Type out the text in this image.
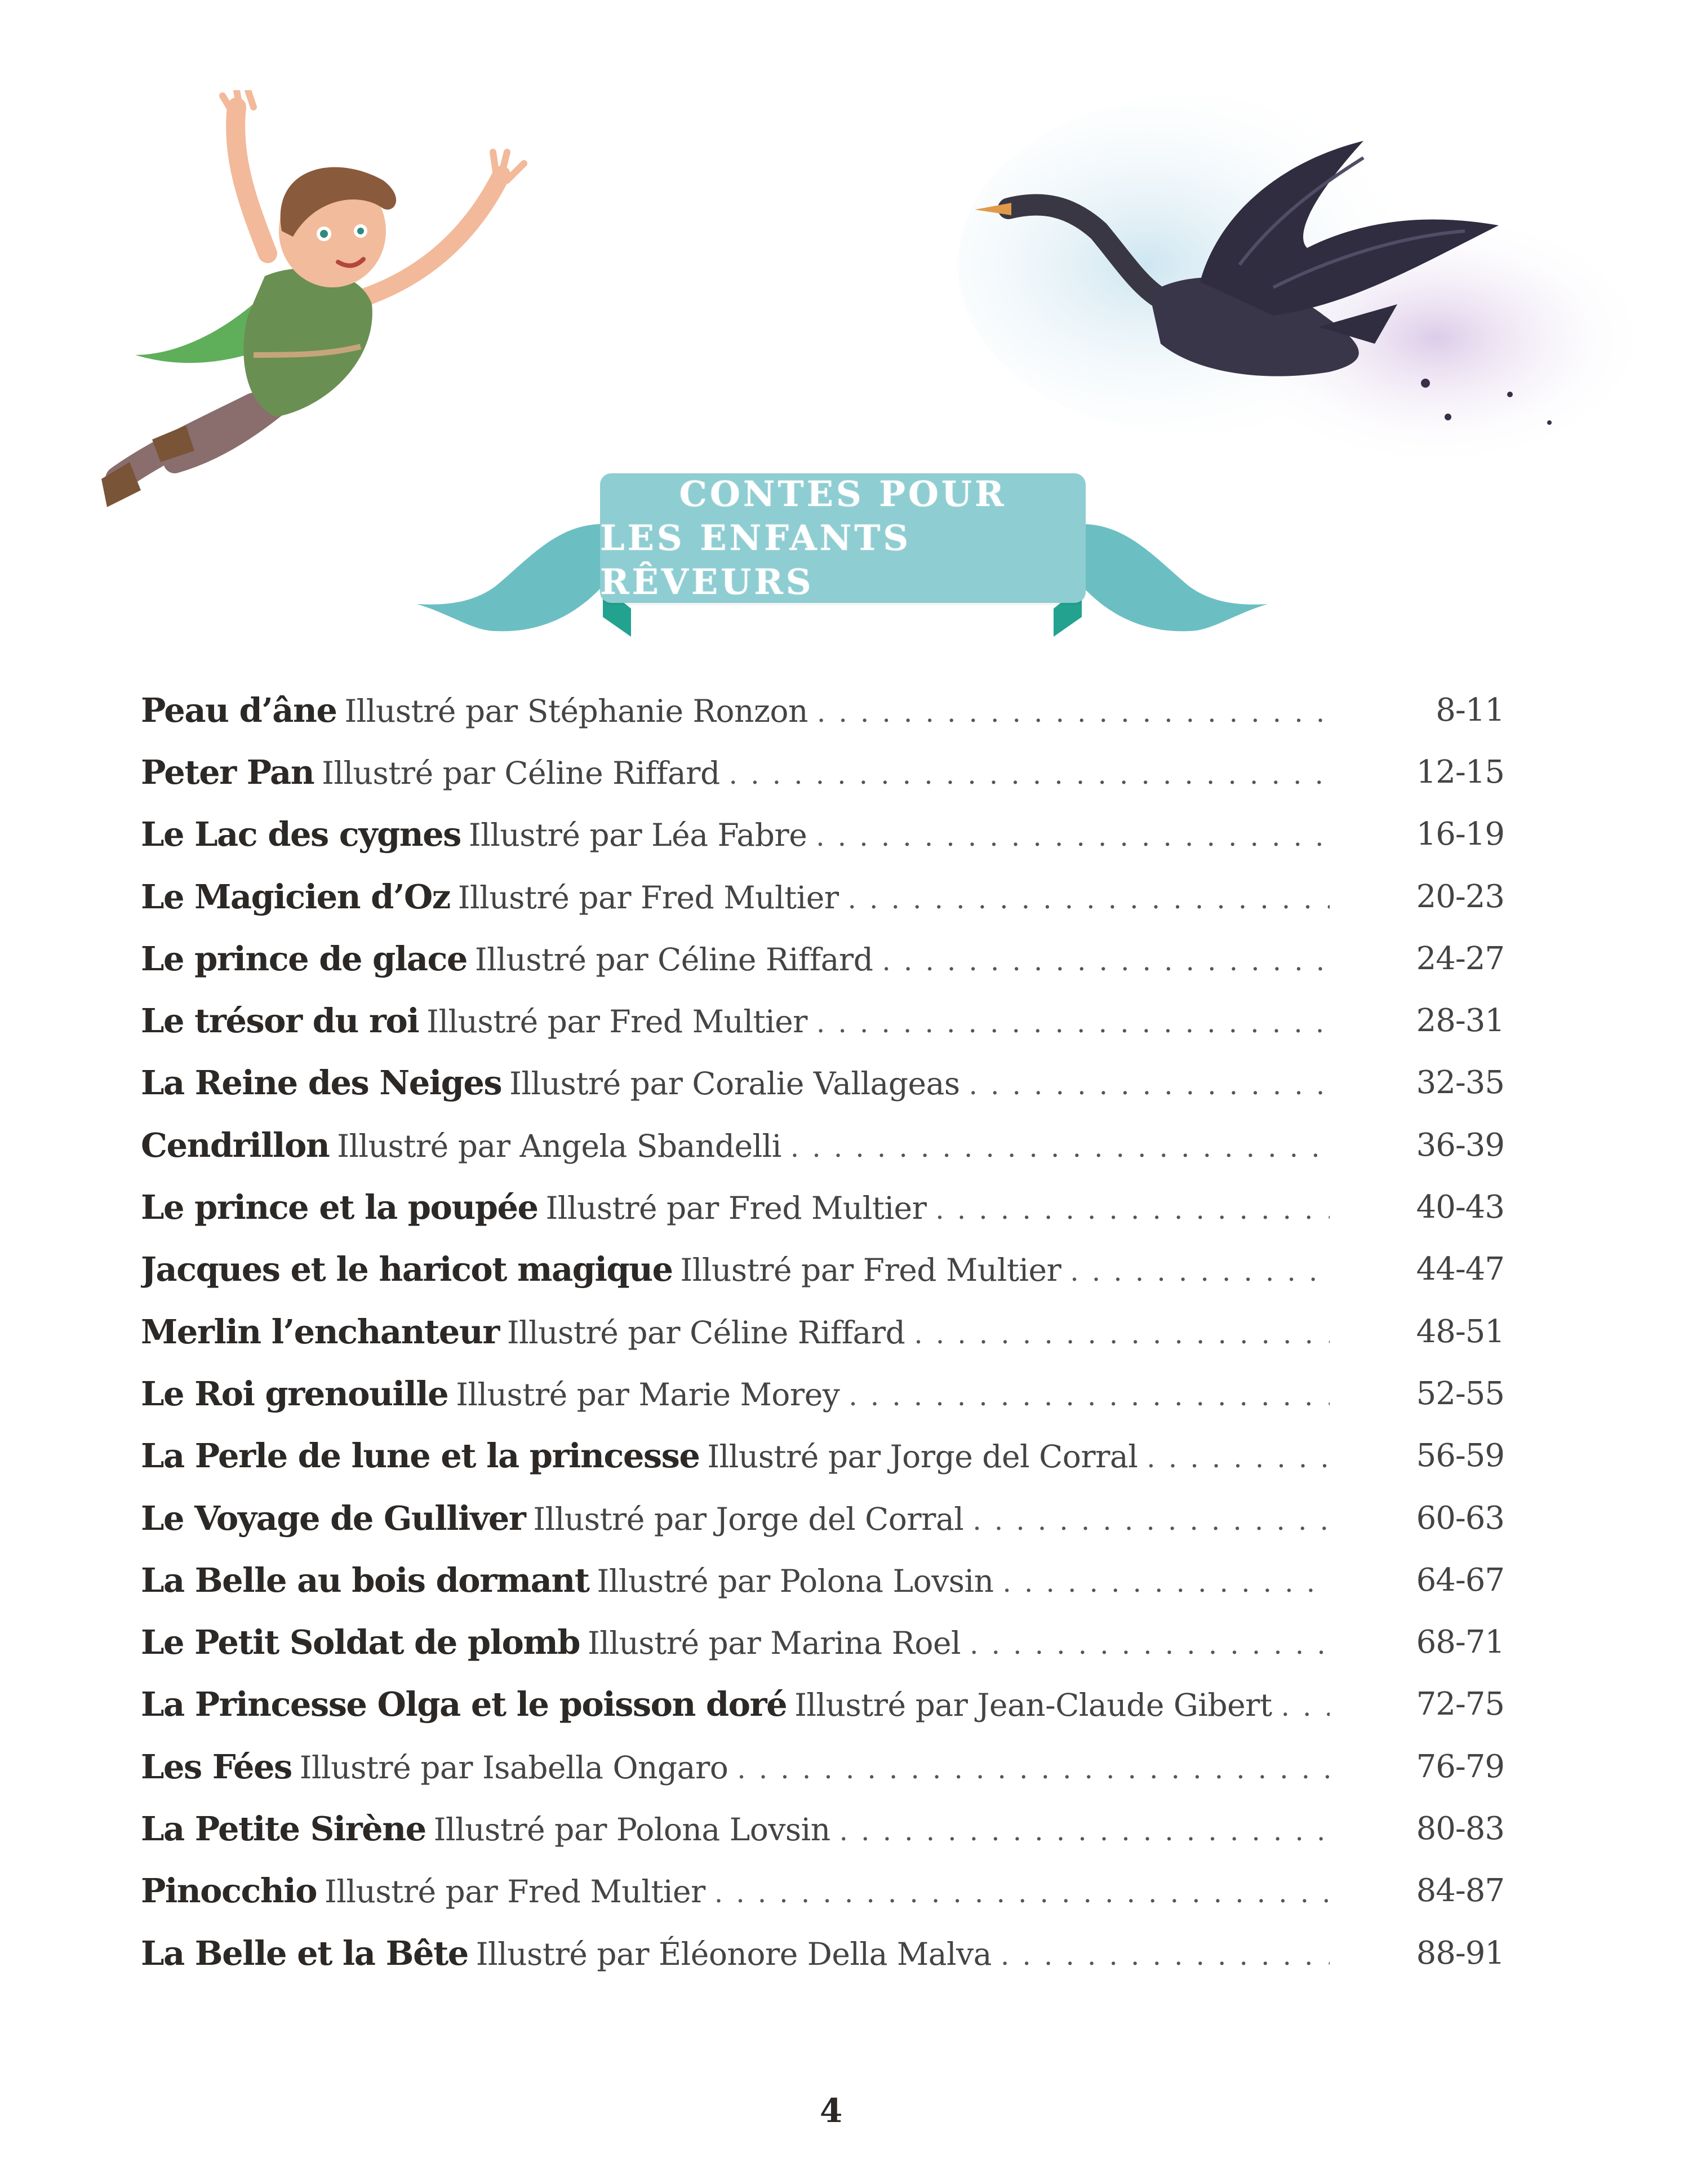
CONTES POUR
LES ENFANTS RÊVEURS
Peau d’âne Illustré par Stéphanie Ronzon . . .	8-11
Peter Pan Illustré par Céline Riffard . . .	12-15
Le Lac des cygnes Illustré par Léa Fabre . . .	16-19
Le Magicien d’Oz Illustré par Fred Multier . . .	20-23
Le prince de glace Illustré par Céline Riffard . . .	24-27
Le trésor du roi Illustré par Fred Multier . . .	28-31
La Reine des Neiges Illustré par Coralie Vallageas . . .	32-35
Cendrillon Illustré par Angela Sbandelli . . .	36-39
Le prince et la poupée Illustré par Fred Multier . . .	40-43
Jacques et le haricot magique Illustré par Fred Multier . . .	44-47
Merlin l’enchanteur Illustré par Céline Riffard . . .	48-51
Le Roi grenouille Illustré par Marie Morey . . .	52-55
La Perle de lune et la princesse Illustré par Jorge del Corral . . .	56-59
Le Voyage de Gulliver Illustré par Jorge del Corral . . .	60-63
La Belle au bois dormant Illustré par Polona Lovsin . . .	64-67
Le Petit Soldat de plomb Illustré par Marina Roel . . .	68-71
La Princesse Olga et le poisson doré Illustré par Jean-Claude Gibert . . .	72-75
Les Fées Illustré par Isabella Ongaro . . .	76-79
La Petite Sirène Illustré par Polona Lovsin . . .	80-83
Pinocchio Illustré par Fred Multier . . .	84-87
La Belle et la Bête Illustré par Éléonore Della Malva . . .	88-91
4
